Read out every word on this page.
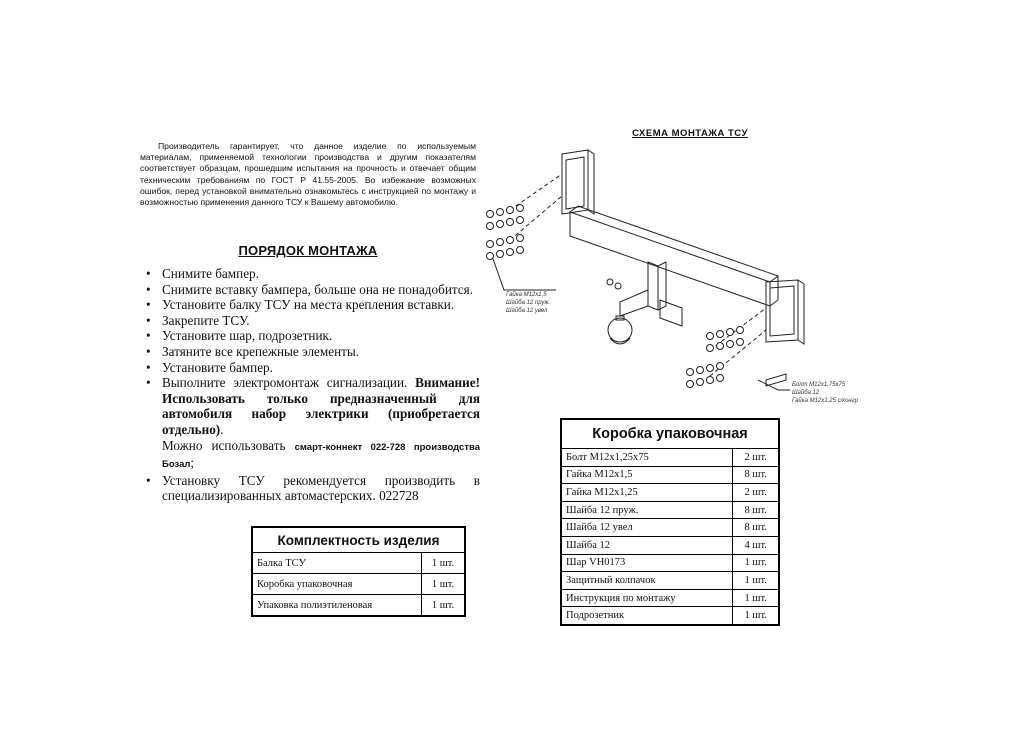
Производитель гарантирует, что данное изделие по используемым материалам, применяемой технологии производства и другим показателям соответствует образцам, прошедшим испытания на прочность и отвечает общим техническим требованиям по ГОСТ Р 41.55-2005. Во избежание возможных ошибок, перед установкой внимательно ознакомьтесь с инструкцией по монтажу и возможностью применения данного ТСУ к Вашему автомобилю.
ПОРЯДОК МОНТАЖА
• Снимите бампер.
• Снимите вставку бампера, больше она не понадобится.
• Установите балку ТСУ на места крепления вставки.
• Закрепите ТСУ.
• Установите шар, подрозетник.
• Затяните все крепежные элементы.
• Установите бампер.
• Выполните электромонтаж сигнализации. Внимание! Использовать только предназначенный для автомобиля набор электрики (приобретается отдельно).
Можно использовать смарт-коннект 022-728 производства Бозал;
• Установку ТСУ рекомендуется производить в специализированных автомастерских. 022728
СХЕМА МОНТАЖА ТСУ
Гайка М12х1,5
Шайба 12 пруж.
Шайба 12 увел
Болт М12х1,75х75
Шайба 12
Гайка М12х1,25 с/конгр
Комплектность изделия	
Балка ТСУ	1 шт.
Коробка упаковочная	1 шт.
Упаковка полиэтиленовая	1 шт.
Коробка упаковочная	
Болт М12х1,25х75	2 шт.
Гайка М12х1,5	8 шт.
Гайка М12х1,25	2 шт.
Шайба 12 пруж.	8 шт.
Шайба 12 увел	8 шт.
Шайба 12	4 шт.
Шар VH0173	1 шт.
Защитный колпачок	1 шт.
Инструкция по монтажу	1 шт.
Подрозетник	1 шт.
